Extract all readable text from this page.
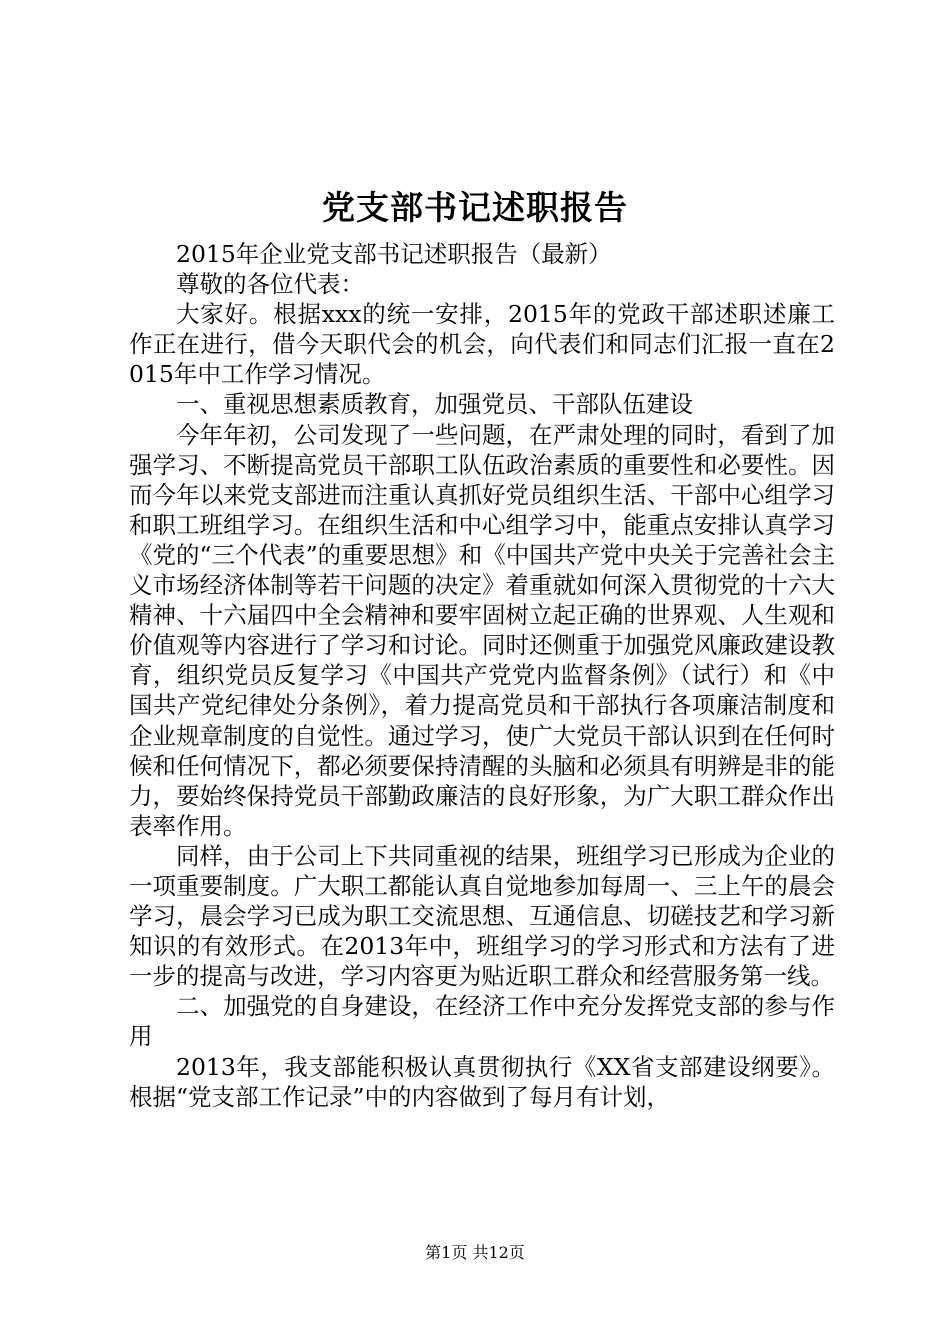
党支部书记述职报告

2015年企业党支部书记述职报告（最新）

尊敬的各位代表：

大家好。根据xxx的统一安排，2015年的党政干部述职述廉工作正在进行，借今天职代会的机会，向代表们和同志们汇报一直在2015年中工作学习情况。

一、重视思想素质教育，加强党员、干部队伍建设

今年年初，公司发现了一些问题，在严肃处理的同时，看到了加强学习、不断提高党员干部职工队伍政治素质的重要性和必要性。因而今年以来党支部进而注重认真抓好党员组织生活、干部中心组学习和职工班组学习。在组织生活和中心组学习中，能重点安排认真学习《党的“三个代表”的重要思想》和《中国共产党中央关于完善社会主义市场经济体制等若干问题的决定》着重就如何深入贯彻党的十六大精神、十六届四中全会精神和要牢固树立起正确的世界观、人生观和价值观等内容进行了学习和讨论。同时还侧重于加强党风廉政建设教育，组织党员反复学习《中国共产党党内监督条例》（试行）和《中国共产党纪律处分条例》，着力提高党员和干部执行各项廉洁制度和企业规章制度的自觉性。通过学习，使广大党员干部认识到在任何时候和任何情况下，都必须要保持清醒的头脑和必须具有明辨是非的能力，要始终保持党员干部勤政廉洁的良好形象，为广大职工群众作出表率作用。

同样，由于公司上下共同重视的结果，班组学习已形成为企业的一项重要制度。广大职工都能认真自觉地参加每周一、三上午的晨会学习，晨会学习已成为职工交流思想、互通信息、切磋技艺和学习新知识的有效形式。在2013年中，班组学习的学习形式和方法有了进一步的提高与改进，学习内容更为贴近职工群众和经营服务第一线。

二、加强党的自身建设，在经济工作中充分发挥党支部的参与作用

2013年，我支部能积极认真贯彻执行《XX省支部建设纲要》。根据“党支部工作记录”中的内容做到了每月有计划，

第1页 共12页
